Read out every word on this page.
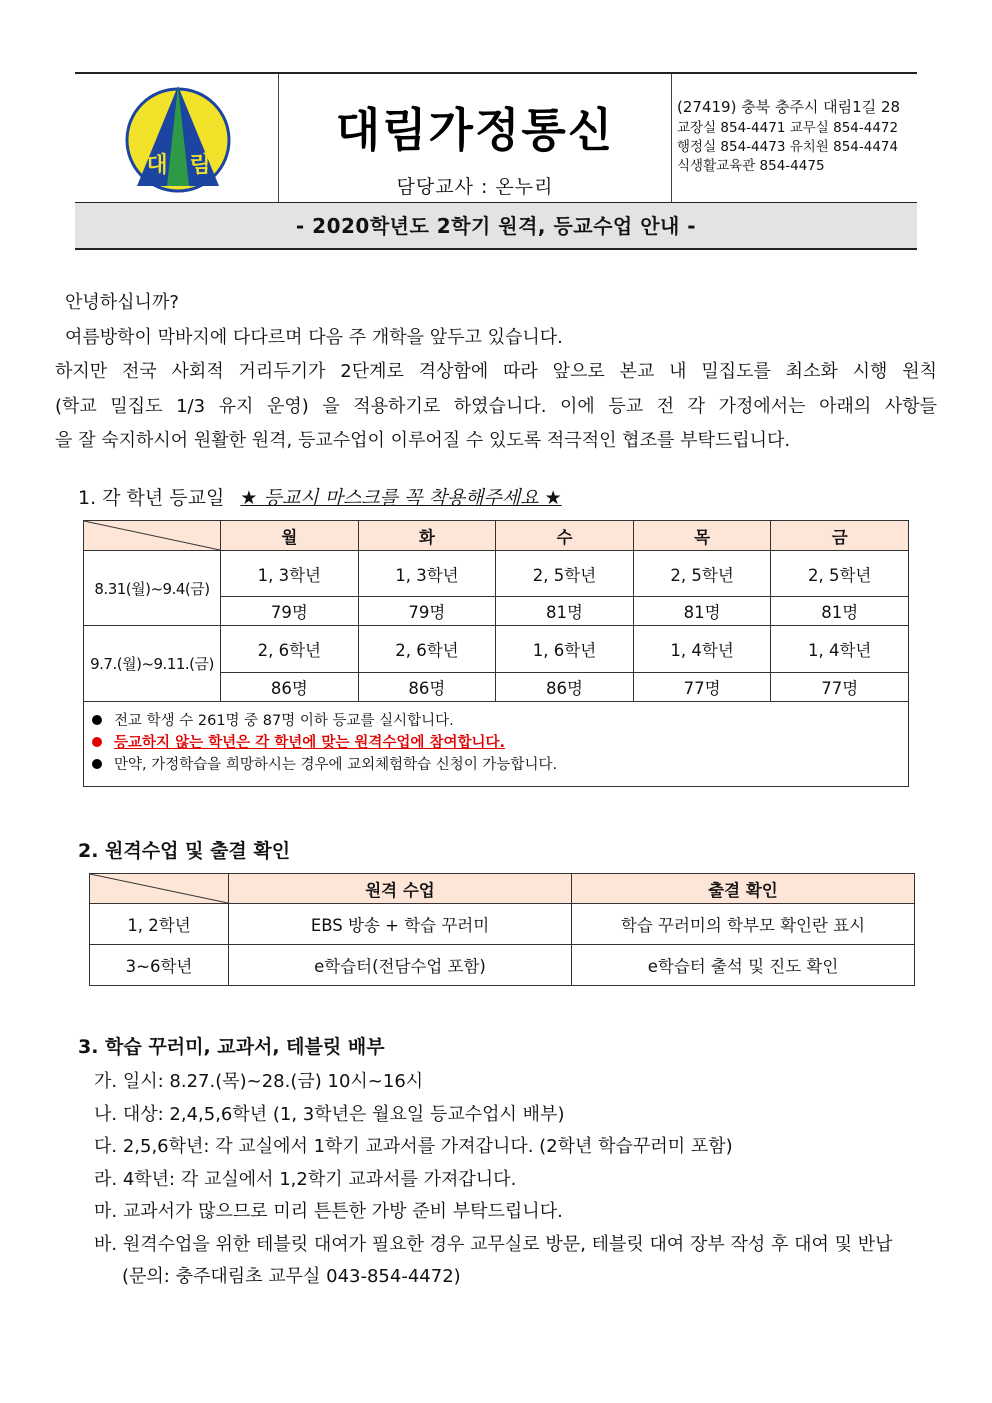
대 림
대림가정통신
담당교사 : 온누리
(27419) 충북 충주시 대림1길 28
교장실 854-4471 교무실 854-4472
행정실 854-4473 유치원 854-4474
식생활교육관 854-4475
- 2020학년도 2학기 원격, 등교수업 안내 -

안녕하십니까?

여름방학이 막바지에 다다르며 다음 주 개학을 앞두고 있습니다.

하지만 전국 사회적 거리두기가 2단계로 격상함에 따라 앞으로 본교 내 밀집도를 최소화 시행 원칙

(학교 밀집도 1/3 유지 운영) 을 적용하기로 하였습니다. 이에 등교 전 각 가정에서는 아래의 사항들

을 잘 숙지하시어 원활한 원격, 등교수업이 이루어질 수 있도록 적극적인 협조를 부탁드립니다.

1. 각 학년 등교일 ★ 등교시 마스크를 꼭 착용해주세요 ★
	월	화	수	목	금
8.31(월)~9.4(금)	1, 3학년	1, 3학년	2, 5학년	2, 5학년	2, 5학년
	79명	79명	81명	81명	81명
9.7.(월)~9.11.(금)	2, 6학년	2, 6학년	1, 6학년	1, 4학년	1, 4학년
	86명	86명	86명	77명	77명

전교 학생 수 261명 중 87명 이하 등교를 실시합니다.
등교하지 않는 학년은 각 학년에 맞는 원격수업에 참여합니다.
만약, 가정학습을 희망하시는 경우에 교외체험학습 신청이 가능합니다.					
2. 원격수업 및 출결 확인
	원격 수업	출결 확인
1, 2학년	EBS 방송 + 학습 꾸러미	학습 꾸러미의 학부모 확인란 표시
3~6학년	e학습터(전담수업 포함)	e학습터 출석 및 진도 확인
3. 학습 꾸러미, 교과서, 테블릿 배부

가. 일시: 8.27.(목)~28.(금) 10시~16시

나. 대상: 2,4,5,6학년 (1, 3학년은 월요일 등교수업시 배부)

다. 2,5,6학년: 각 교실에서 1학기 교과서를 가져갑니다. (2학년 학습꾸러미 포함)

라. 4학년: 각 교실에서 1,2학기 교과서를 가져갑니다.

마. 교과서가 많으므로 미리 튼튼한 가방 준비 부탁드립니다.

바. 원격수업을 위한 테블릿 대여가 필요한 경우 교무실로 방문, 테블릿 대여 장부 작성 후 대여 및 반납

(문의: 충주대림초 교무실 043-854-4472)
